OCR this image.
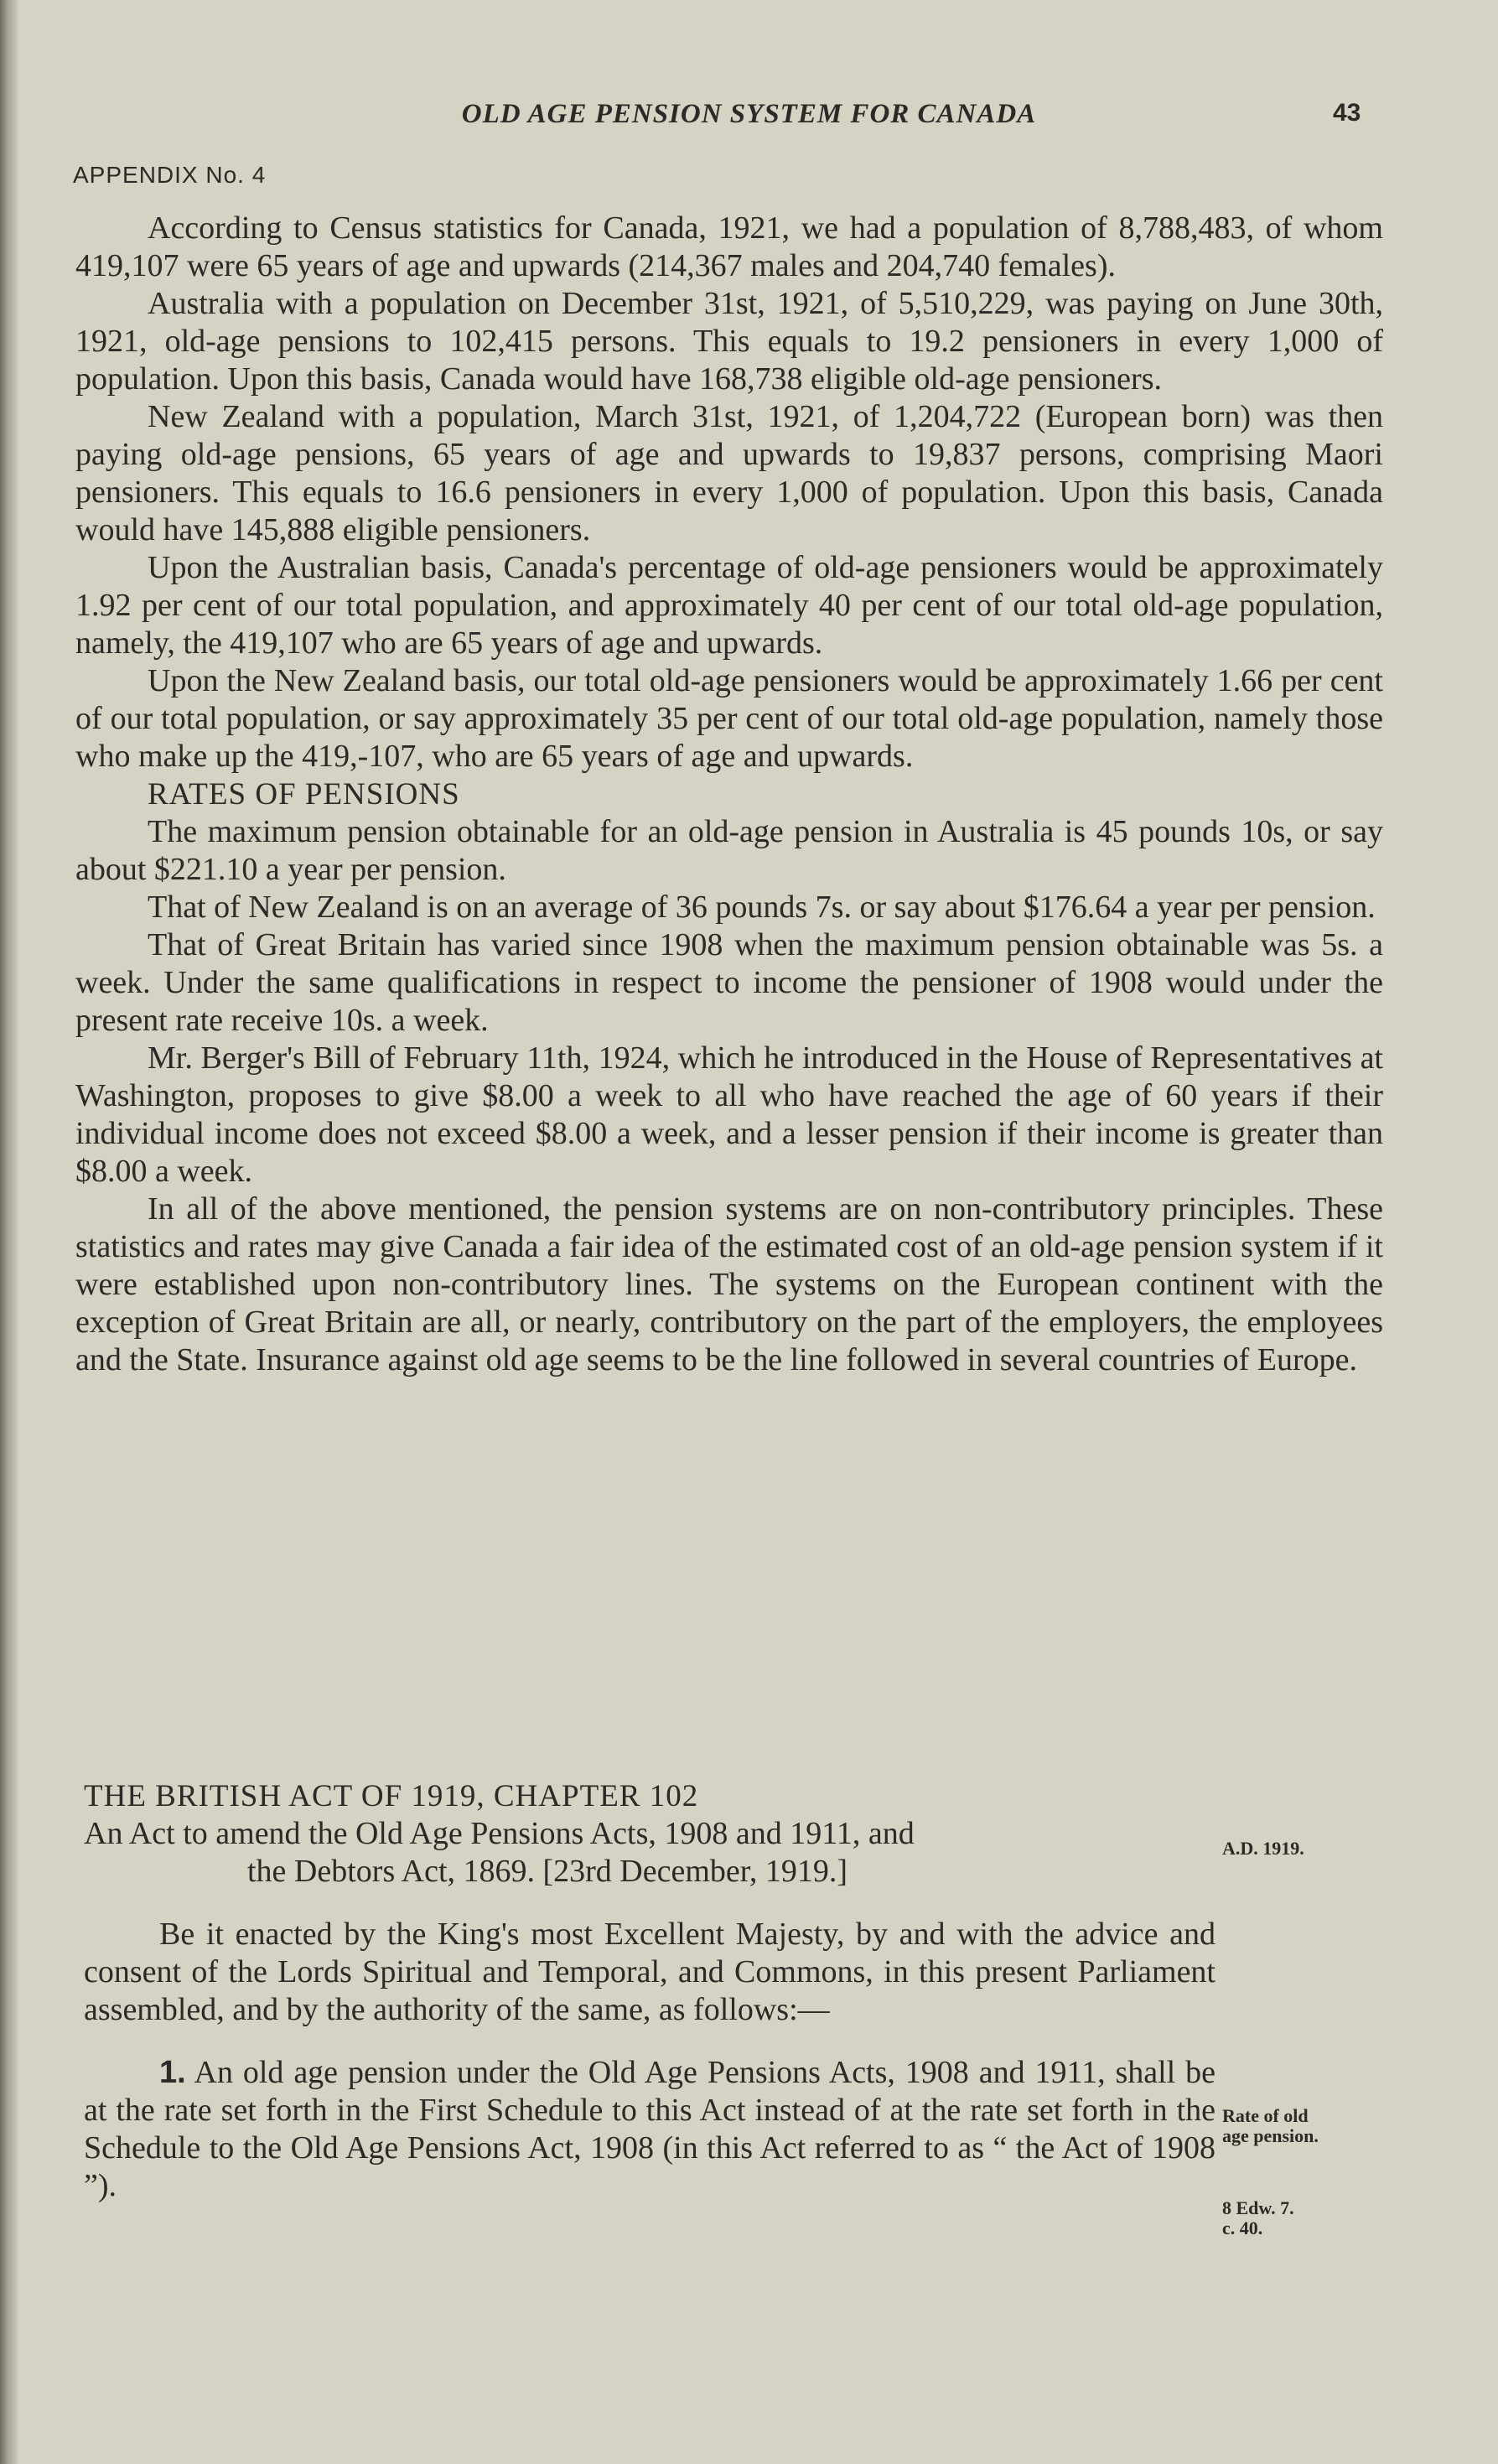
OLD AGE PENSION SYSTEM FOR CANADA	43
APPENDIX No. 4

According to Census statistics for Canada, 1921, we had a population of 8,788,483, of whom 419,107 were 65 years of age and upwards (214,367 males and 204,740 females).

Australia with a population on December 31st, 1921, of 5,510,229, was paying on June 30th, 1921, old-age pensions to 102,415 persons. This equals to 19.2 pensioners in every 1,000 of population. Upon this basis, Canada would have 168,738 eligible old-age pensioners.

New Zealand with a population, March 31st, 1921, of 1,204,722 (European born) was then paying old-age pensions, 65 years of age and upwards to 19,837 persons, comprising Maori pensioners. This equals to 16.6 pensioners in every 1,000 of population. Upon this basis, Canada would have 145,888 eligible pensioners.

Upon the Australian basis, Canada's percentage of old-age pensioners would be approximately 1.92 per cent of our total population, and approximately 40 per cent of our total old-age population, namely, the 419,107 who are 65 years of age and upwards.

Upon the New Zealand basis, our total old-age pensioners would be approximately 1.66 per cent of our total population, or say approximately 35 per cent of our total old-age population, namely those who make up the 419,-107, who are 65 years of age and upwards.

RATES OF PENSIONS

The maximum pension obtainable for an old-age pension in Australia is 45 pounds 10s, or say about $221.10 a year per pension.

That of New Zealand is on an average of 36 pounds 7s. or say about $176.64 a year per pension.

That of Great Britain has varied since 1908 when the maximum pension obtainable was 5s. a week. Under the same qualifications in respect to income the pensioner of 1908 would under the present rate receive 10s. a week.

Mr. Berger's Bill of February 11th, 1924, which he introduced in the House of Representatives at Washington, proposes to give $8.00 a week to all who have reached the age of 60 years if their individual income does not exceed $8.00 a week, and a lesser pension if their income is greater than $8.00 a week.

In all of the above mentioned, the pension systems are on non-contributory principles. These statistics and rates may give Canada a fair idea of the estimated cost of an old-age pension system if it were established upon non-contributory lines. The systems on the European continent with the exception of Great Britain are all, or nearly, contributory on the part of the employers, the employees and the State. Insurance against old age seems to be the line followed in several countries of Europe.

THE BRITISH ACT OF 1919, CHAPTER 102

An Act to amend the Old Age Pensions Acts, 1908 and 1911, and
the Debtors Act, 1869. [23rd December, 1919.]

Be it enacted by the King's most Excellent Majesty, by and with the advice and consent of the Lords Spiritual and Temporal, and Commons, in this present Parliament assembled, and by the authority of the same, as follows:—

1. An old age pension under the Old Age Pensions Acts, 1908 and 1911, shall be at the rate set forth in the First Schedule to this Act instead of at the rate set forth in the Schedule to the Old Age Pensions Act, 1908 (in this Act referred to as “ the Act of 1908 ”).

A.D. 1919.
Rate of old
age pension.
8 Edw. 7.
c. 40.
